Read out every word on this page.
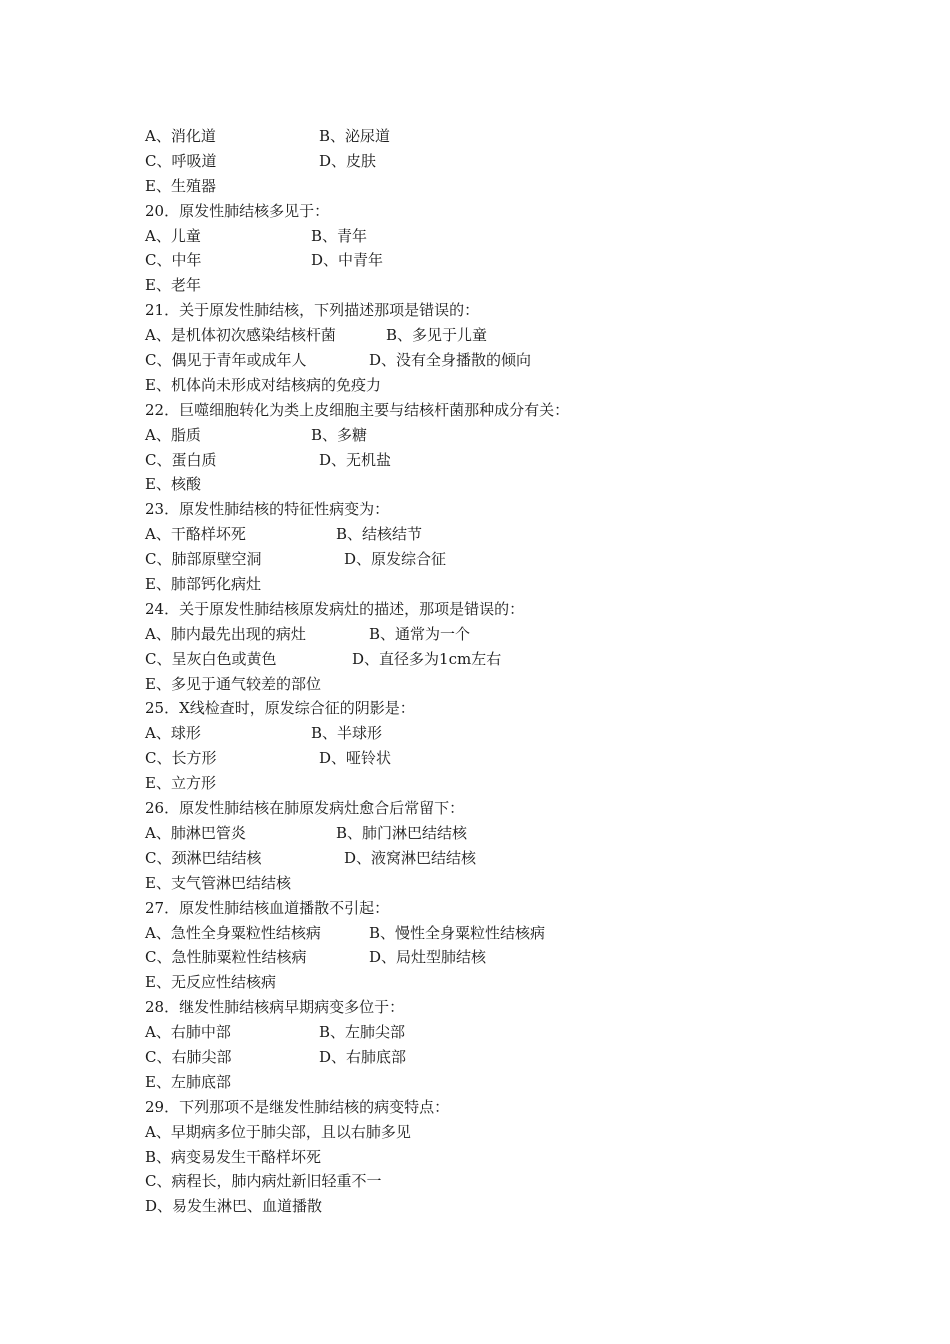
A、消化道	B、泌尿道
C、呼吸道	D、皮肤
E、生殖器
20．原发性肺结核多见于：
A、儿童	B、青年
C、中年	D、中青年
E、老年
21．关于原发性肺结核，下列描述那项是错误的：
A、是机体初次感染结核杆菌	B、多见于儿童
C、偶见于青年或成年人	D、没有全身播散的倾向
E、机体尚未形成对结核病的免疫力
22．巨噬细胞转化为类上皮细胞主要与结核杆菌那种成分有关：
A、脂质	B、多糖
C、蛋白质	D、无机盐
E、核酸
23．原发性肺结核的特征性病变为：
A、干酪样坏死	B、结核结节
C、肺部原壁空洞	D、原发综合征
E、肺部钙化病灶
24．关于原发性肺结核原发病灶的描述，那项是错误的：
A、肺内最先出现的病灶	B、通常为一个
C、呈灰白色或黄色	D、直径多为1cm左右
E、多见于通气较差的部位
25．X线检查时，原发综合征的阴影是：
A、球形	B、半球形
C、长方形	D、哑铃状
E、立方形
26．原发性肺结核在肺原发病灶愈合后常留下：
A、肺淋巴管炎	B、肺门淋巴结结核
C、颈淋巴结结核	D、液窝淋巴结结核
E、支气管淋巴结结核
27．原发性肺结核血道播散不引起：
A、急性全身粟粒性结核病	B、慢性全身粟粒性结核病
C、急性肺粟粒性结核病	D、局灶型肺结核
E、无反应性结核病
28．继发性肺结核病早期病变多位于：
A、右肺中部	B、左肺尖部
C、右肺尖部	D、右肺底部
E、左肺底部
29．下列那项不是继发性肺结核的病变特点：
A、早期病多位于肺尖部，且以右肺多见
B、病变易发生干酪样坏死
C、病程长，肺内病灶新旧轻重不一
D、易发生淋巴、血道播散
